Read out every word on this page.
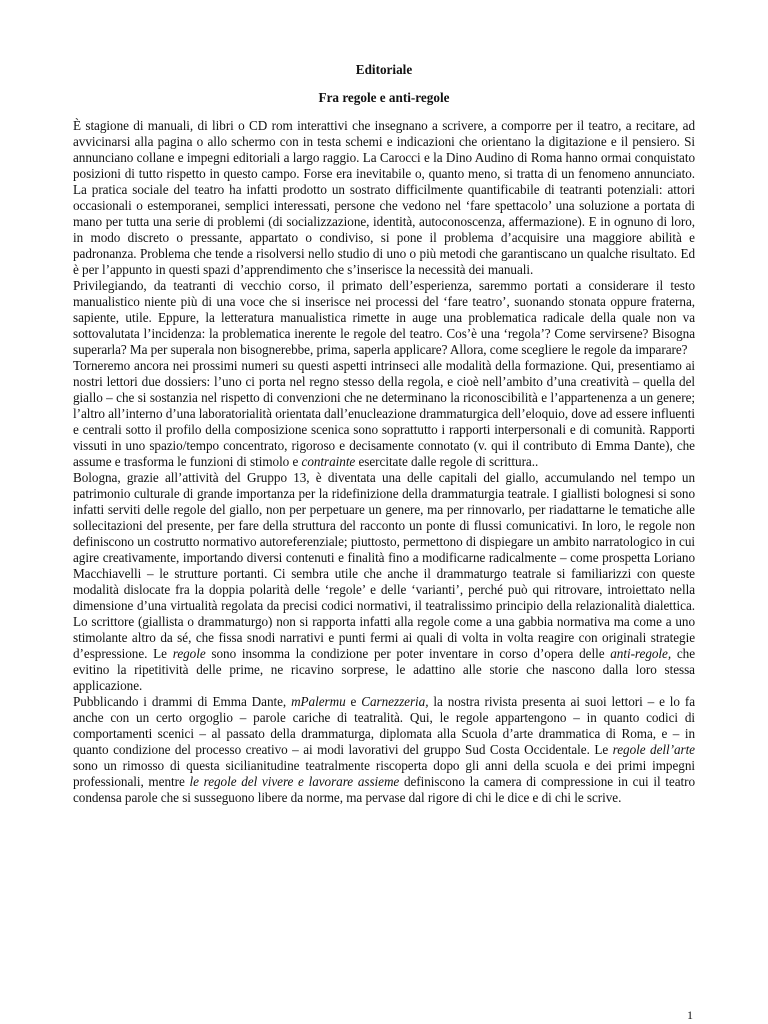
Editoriale
Fra regole e anti-regole

È stagione di manuali, di libri o CD rom interattivi che insegnano a scrivere, a comporre per il teatro, a recitare, ad avvicinarsi alla pagina o allo schermo con in testa schemi e indicazioni che orientano la digitazione e il pensiero. Si annunciano collane e impegni editoriali a largo raggio. La Carocci e la Dino Audino di Roma hanno ormai conquistato posizioni di tutto rispetto in questo campo. Forse era inevitabile o, quanto meno, si tratta di un fenomeno annunciato. La pratica sociale del teatro ha infatti prodotto un sostrato difficilmente quantificabile di teatranti potenziali: attori occasionali o estemporanei, semplici interessati, persone che vedono nel ‘fare spettacolo’ una soluzione a portata di mano per tutta una serie di problemi (di socializzazione, identità, autoconoscenza, affermazione). E in ognuno di loro, in modo discreto o pressante, appartato o condiviso, si pone il problema d’acquisire una maggiore abilità e padronanza. Problema che tende a risolversi nello studio di uno o più metodi che garantiscano un qualche risultato. Ed è per l’appunto in questi spazi d’apprendimento che s’inserisce la necessità dei manuali.

Privilegiando, da teatranti di vecchio corso, il primato dell’esperienza, saremmo portati a considerare il testo manualistico niente più di una voce che si inserisce nei processi del ‘fare teatro’, suonando stonata oppure fraterna, sapiente, utile. Eppure, la letteratura manualistica rimette in auge una problematica radicale della quale non va sottovalutata l’incidenza: la problematica inerente le regole del teatro. Cos’è una ‘regola’? Come servirsene? Bisogna superarla? Ma per superala non bisognerebbe, prima, saperla applicare? Allora, come scegliere le regole da imparare?

Torneremo ancora nei prossimi numeri su questi aspetti intrinseci alle modalità della formazione. Qui, presentiamo ai nostri lettori due dossiers: l’uno ci porta nel regno stesso della regola, e cioè nell’ambito d’una creatività – quella del giallo – che si sostanzia nel rispetto di convenzioni che ne determinano la riconoscibilità e l’appartenenza a un genere; l’altro all’interno d’una laboratorialità orientata dall’enucleazione drammaturgica dell’eloquio, dove ad essere influenti e centrali sotto il profilo della composizione scenica sono soprattutto i rapporti interpersonali e di comunità. Rapporti vissuti in uno spazio/tempo concentrato, rigoroso e decisamente connotato (v. qui il contributo di Emma Dante), che assume e trasforma le funzioni di stimolo e contrainte esercitate dalle regole di scrittura..

Bologna, grazie all’attività del Gruppo 13, è diventata una delle capitali del giallo, accumulando nel tempo un patrimonio culturale di grande importanza per la ridefinizione della drammaturgia teatrale. I giallisti bolognesi si sono infatti serviti delle regole del giallo, non per perpetuare un genere, ma per rinnovarlo, per riadattarne le tematiche alle sollecitazioni del presente, per fare della struttura del racconto un ponte di flussi comunicativi. In loro, le regole non definiscono un costrutto normativo autoreferenziale; piuttosto, permettono di dispiegare un ambito narratologico in cui agire creativamente, importando diversi contenuti e finalità fino a modificarne radicalmente – come prospetta Loriano Macchiavelli – le strutture portanti. Ci sembra utile che anche il drammaturgo teatrale si familiarizzi con queste modalità dislocate fra la doppia polarità delle ‘regole’ e delle ‘varianti’, perché può qui ritrovare, introiettato nella dimensione d’una virtualità regolata da precisi codici normativi, il teatralissimo principio della relazionalità dialettica. Lo scrittore (giallista o drammaturgo) non si rapporta infatti alla regole come a una gabbia normativa ma come a uno stimolante altro da sé, che fissa snodi narrativi e punti fermi ai quali di volta in volta reagire con originali strategie d’espressione. Le regole sono insomma la condizione per poter inventare in corso d’opera delle anti-regole, che evitino la ripetitività delle prime, ne ricavino sorprese, le adattino alle storie che nascono dalla loro stessa applicazione.

Pubblicando i drammi di Emma Dante, mPalermu e Carnezzeria, la nostra rivista presenta ai suoi lettori – e lo fa anche con un certo orgoglio – parole cariche di teatralità. Qui, le regole appartengono – in quanto codici di comportamenti scenici – al passato della drammaturga, diplomata alla Scuola d’arte drammatica di Roma, e – in quanto condizione del processo creativo – ai modi lavorativi del gruppo Sud Costa Occidentale. Le regole dell’arte sono un rimosso di questa sicilianitudine teatralmente riscoperta dopo gli anni della scuola e dei primi impegni professionali, mentre le regole del vivere e lavorare assieme definiscono la camera di compressione in cui il teatro condensa parole che si susseguono libere da norme, ma pervase dal rigore di chi le dice e di chi le scrive.

1
